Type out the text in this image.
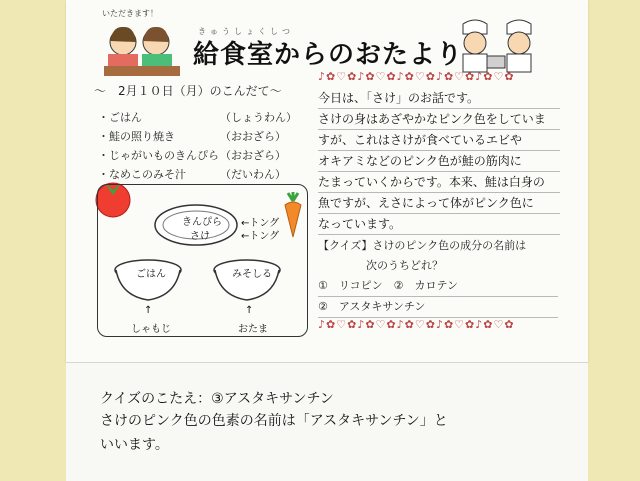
きゅうしょくしつ
給食室からのおたより
いただきます！
♪✿♡✿♪✿♡✿♪✿♡✿♪✿♡✿♪✿♡✿
〜　2月１０日（月）のこんだて〜
・ ごはん	（しょうわん）
・ 鮭の照り焼き	（おおざら）
・ じゃがいものきんぴら （おおざら）
・ なめこのみそ汁	（だいわん）
きんぴら
さけ
←トング
←トング
ごはん	みそしる
↑	↑
しゃもじ	おたま

今日は、「さけ」のお話です。

さけの身はあざやかなピンク色をしていま

すが、これはさけが食べているエビや

オキアミなどのピンク色が鮭の筋肉に

たまっていくからです。本来、鮭は白身の

魚ですが、えさによって体がピンク色に

なっています。

【クイズ】さけのピンク色の成分の名前は
次のうちどれ？
①　リコピン　②　カロテン
②　アスタキサンチン
♪✿♡✿♪✿♡✿♪✿♡✿♪✿♡✿♪✿♡✿
クイズのこたえ：③アスタキサンチン
さけのピンク色の色素の名前は「アスタキサンチン」と
いいます。
